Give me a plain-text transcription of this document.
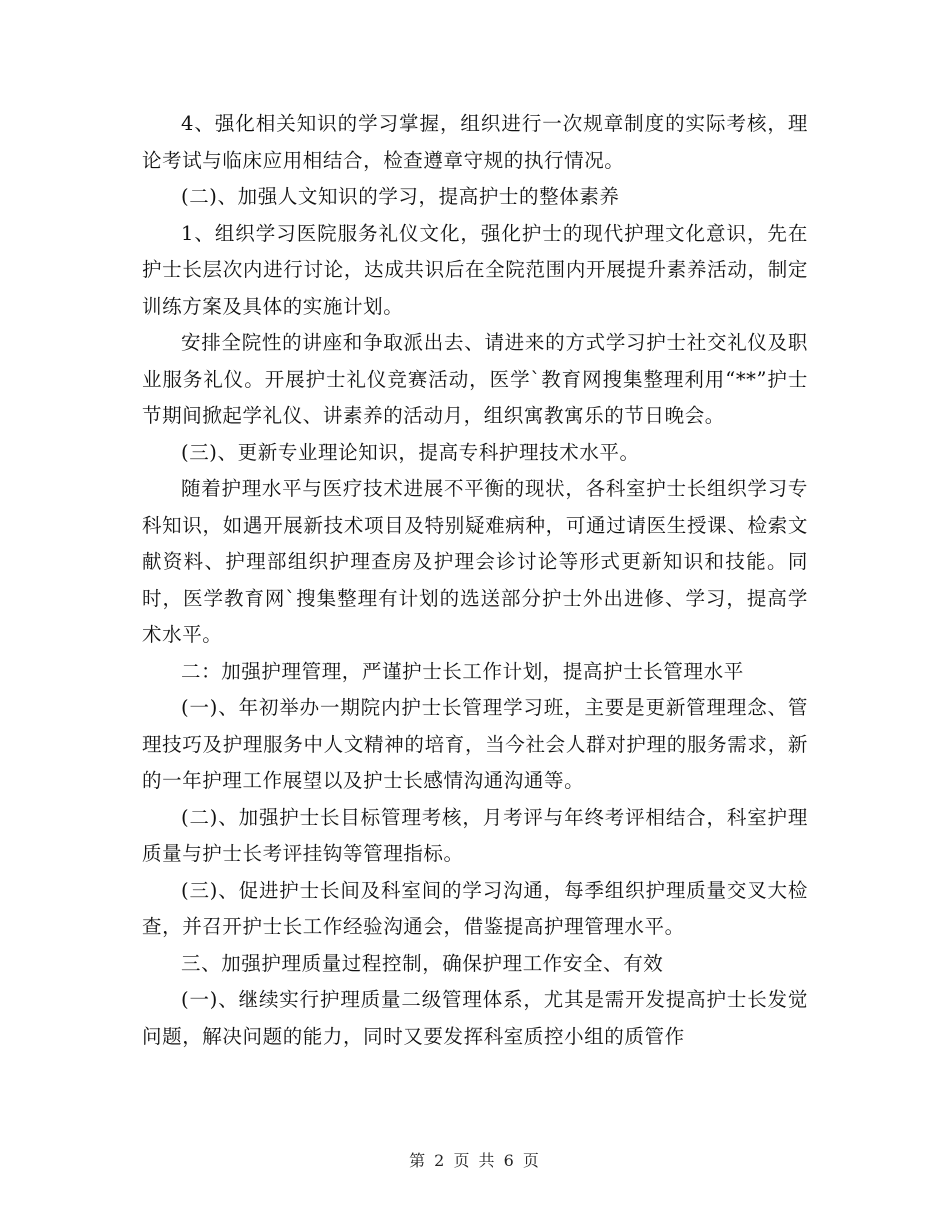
4、强化相关知识的学习掌握，组织进行一次规章制度的实际考核，理论考试与临床应用相结合，检查遵章守规的执行情况。

(二)、加强人文知识的学习，提高护士的整体素养

1、组织学习医院服务礼仪文化，强化护士的现代护理文化意识，先在护士长层次内进行讨论，达成共识后在全院范围内开展提升素养活动，制定训练方案及具体的实施计划。

安排全院性的讲座和争取派出去、请进来的方式学习护士社交礼仪及职业服务礼仪。开展护士礼仪竞赛活动，医学`教育网搜集整理利用“**”护士节期间掀起学礼仪、讲素养的活动月，组织寓教寓乐的节日晚会。

(三)、更新专业理论知识，提高专科护理技术水平。

随着护理水平与医疗技术进展不平衡的现状，各科室护士长组织学习专科知识，如遇开展新技术项目及特别疑难病种，可通过请医生授课、检索文献资料、护理部组织护理查房及护理会诊讨论等形式更新知识和技能。同时，医学教育网`搜集整理有计划的选送部分护士外出进修、学习，提高学术水平。

二：加强护理管理，严谨护士长工作计划，提高护士长管理水平

(一)、年初举办一期院内护士长管理学习班，主要是更新管理理念、管理技巧及护理服务中人文精神的培育，当今社会人群对护理的服务需求，新的一年护理工作展望以及护士长感情沟通沟通等。

(二)、加强护士长目标管理考核，月考评与年终考评相结合，科室护理质量与护士长考评挂钩等管理指标。

(三)、促进护士长间及科室间的学习沟通，每季组织护理质量交叉大检查，并召开护士长工作经验沟通会，借鉴提高护理管理水平。

三、加强护理质量过程控制，确保护理工作安全、有效

(一)、继续实行护理质量二级管理体系，尤其是需开发提高护士长发觉问题，解决问题的能力，同时又要发挥科室质控小组的质管作

第 2 页 共 6 页
